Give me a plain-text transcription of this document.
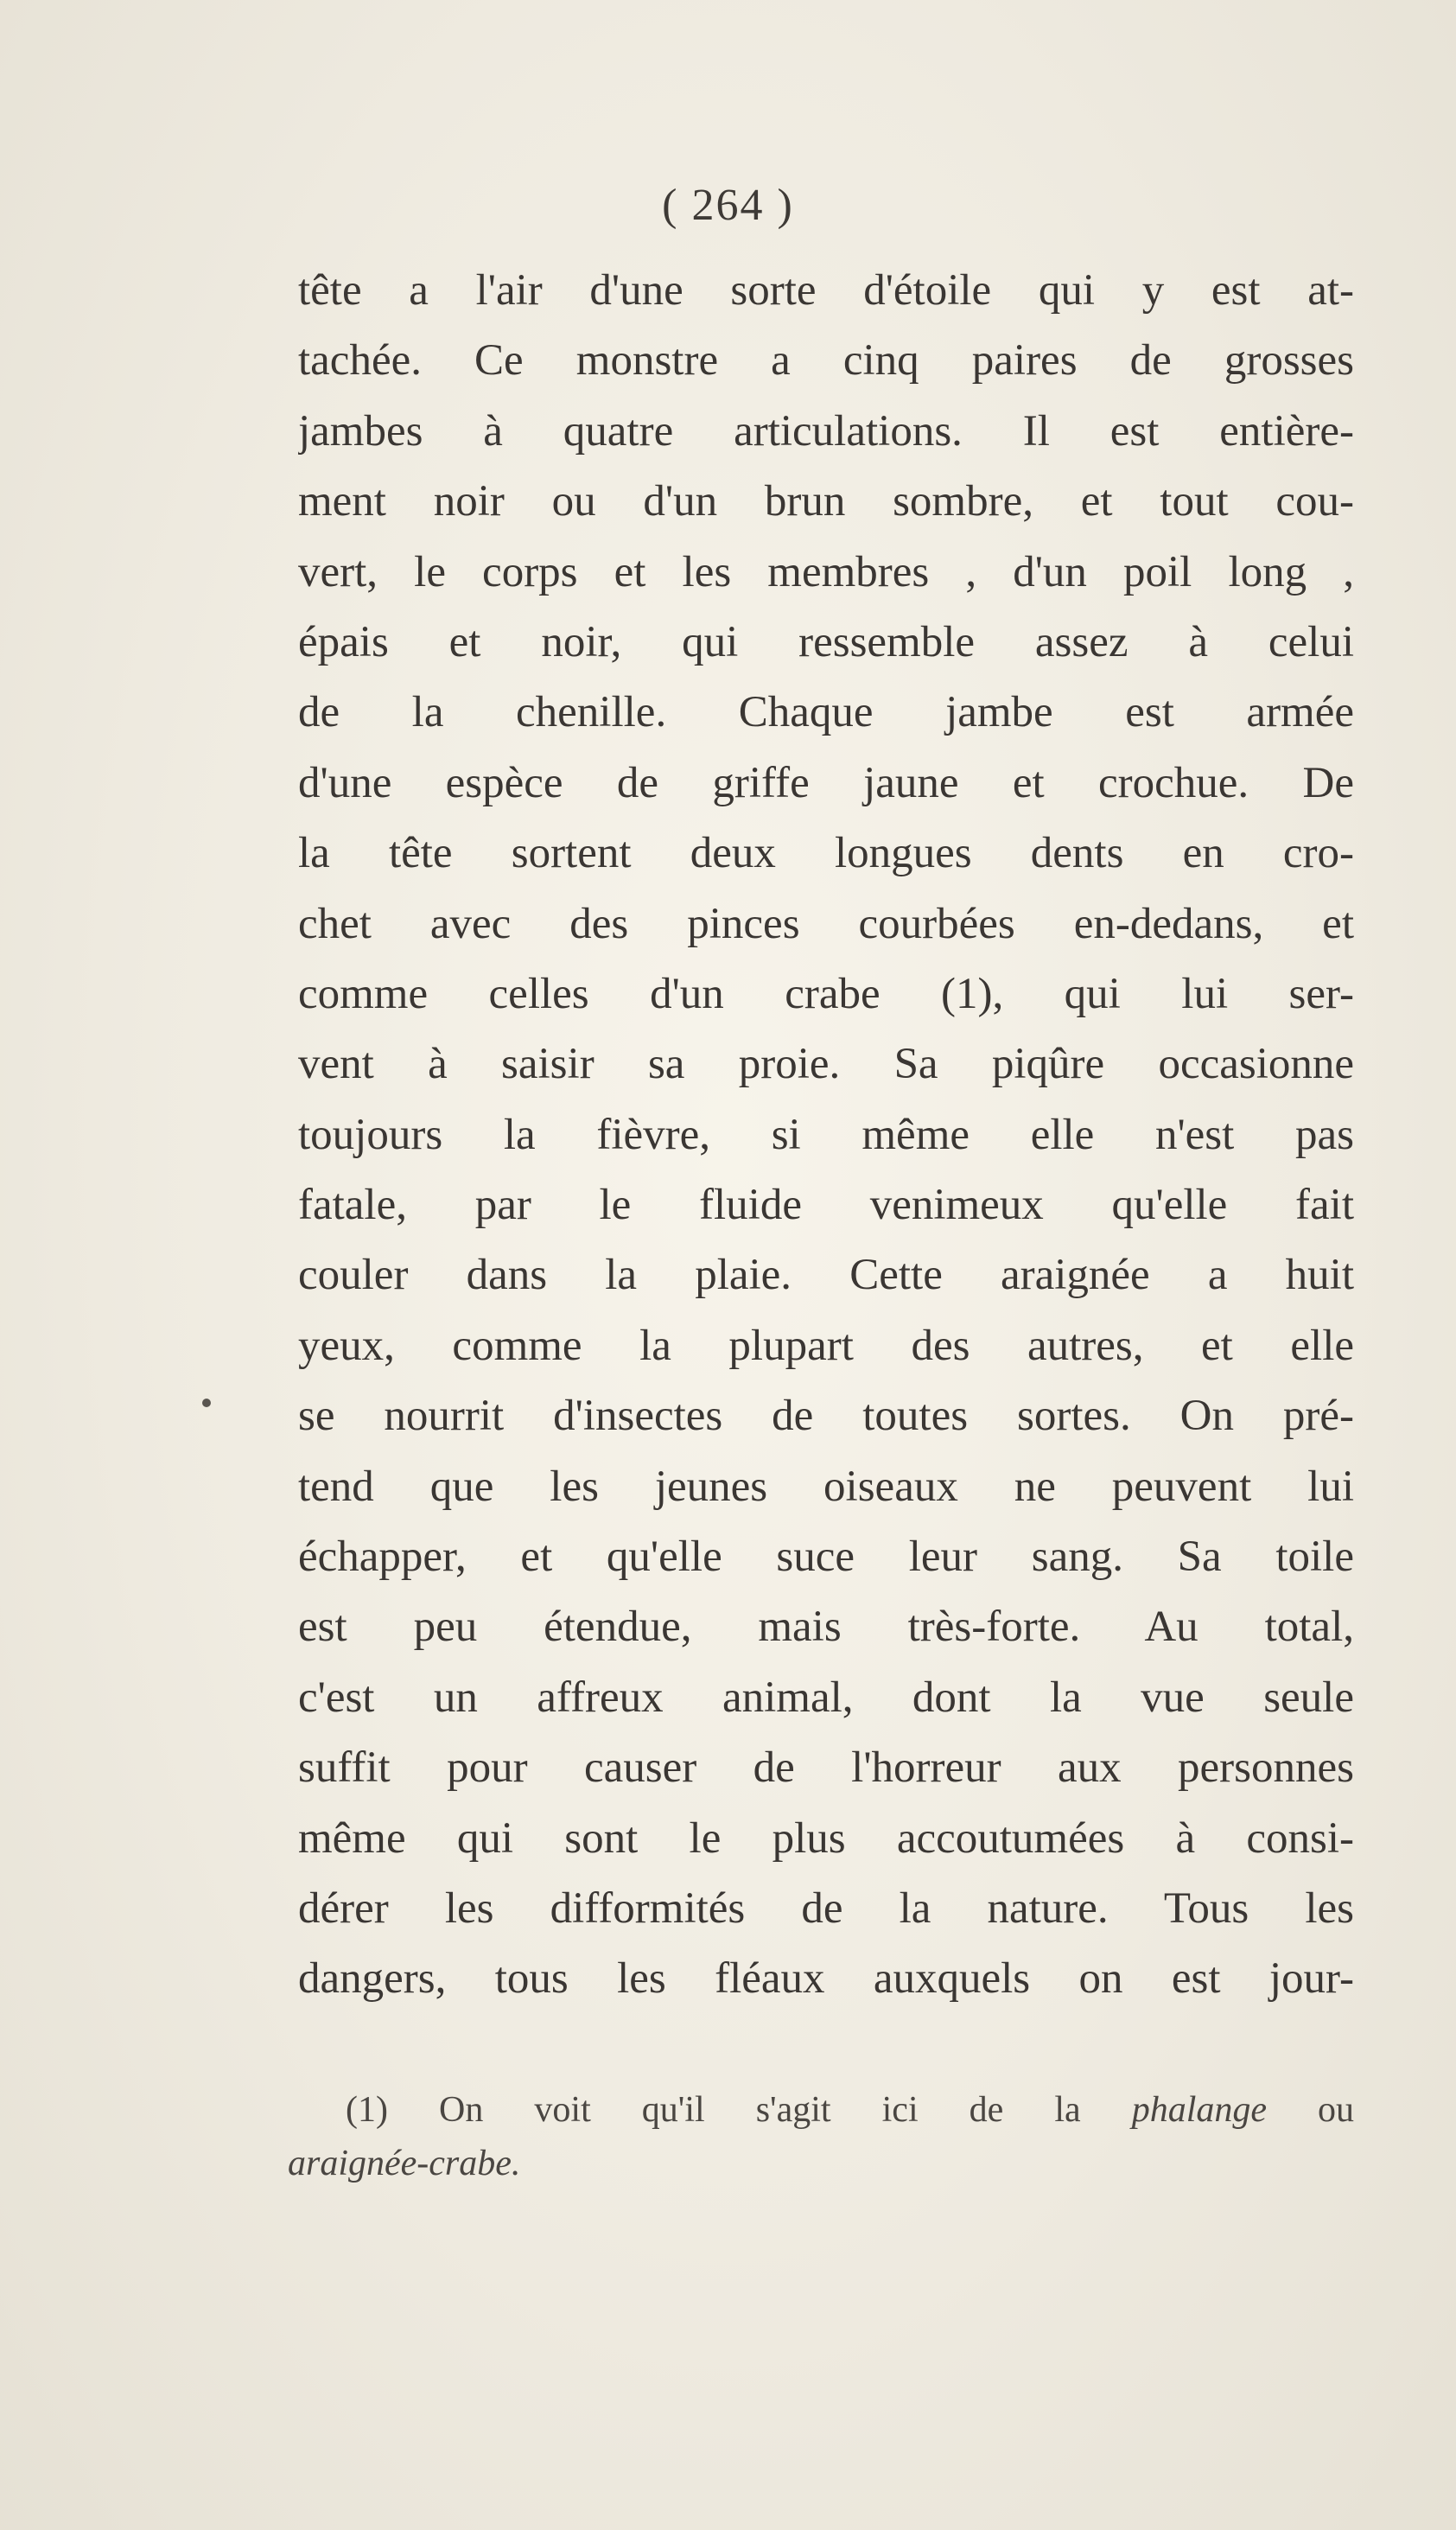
( 264 )
tête a l'air d'une sorte d'étoile qui y est at-
tachée. Ce monstre a cinq paires de grosses
jambes à quatre articulations. Il est entière-
ment noir ou d'un brun sombre, et tout cou-
vert, le corps et les membres , d'un poil long ,
épais et noir, qui ressemble assez à celui
de la chenille. Chaque jambe est armée
d'une espèce de griffe jaune et crochue. De
la tête sortent deux longues dents en cro-
chet avec des pinces courbées en-dedans, et
comme celles d'un crabe (1), qui lui ser-
vent à saisir sa proie. Sa piqûre occasionne
toujours la fièvre, si même elle n'est pas
fatale, par le fluide venimeux qu'elle fait
couler dans la plaie. Cette araignée a huit
yeux, comme la plupart des autres, et elle
se nourrit d'insectes de toutes sortes. On pré-
tend que les jeunes oiseaux ne peuvent lui
échapper, et qu'elle suce leur sang. Sa toile
est peu étendue, mais très-forte. Au total,
c'est un affreux animal, dont la vue seule
suffit pour causer de l'horreur aux personnes
même qui sont le plus accoutumées à consi-
dérer les difformités de la nature. Tous les
dangers, tous les fléaux auxquels on est jour-
(1) On voit qu'il s'agit ici de la phalange ou
araignée-crabe.
